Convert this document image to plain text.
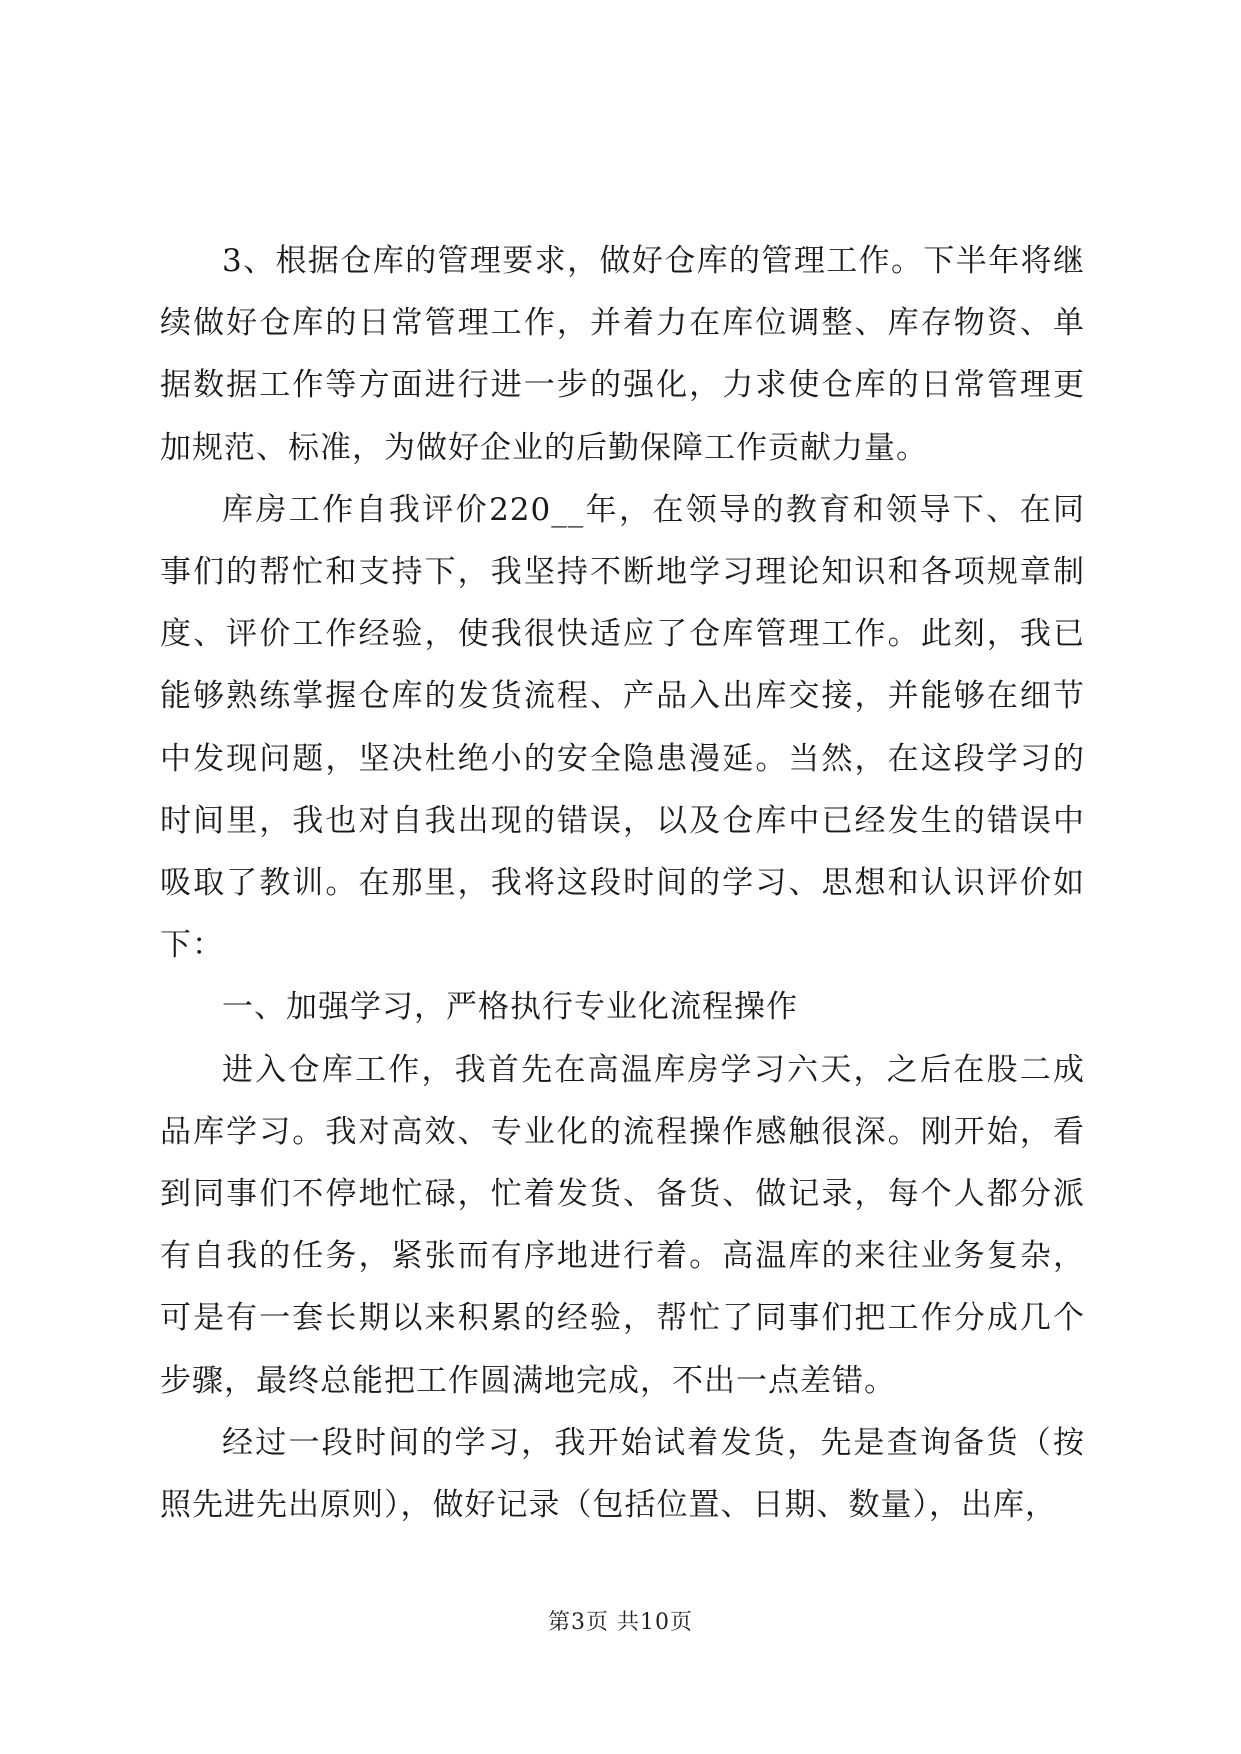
3、根据仓库的管理要求，做好仓库的管理工作。下半年将继续做好仓库的日常管理工作，并着力在库位调整、库存物资、单据数据工作等方面进行进一步的强化，力求使仓库的日常管理更加规范、标准，为做好企业的后勤保障工作贡献力量。

库房工作自我评价220__年，在领导的教育和领导下、在同事们的帮忙和支持下，我坚持不断地学习理论知识和各项规章制度、评价工作经验，使我很快适应了仓库管理工作。此刻，我已能够熟练掌握仓库的发货流程、产品入出库交接，并能够在细节中发现问题，坚决杜绝小的安全隐患漫延。当然，在这段学习的时间里，我也对自我出现的错误，以及仓库中已经发生的错误中吸取了教训。在那里，我将这段时间的学习、思想和认识评价如下：

一、加强学习，严格执行专业化流程操作

进入仓库工作，我首先在高温库房学习六天，之后在股二成品库学习。我对高效、专业化的流程操作感触很深。刚开始，看到同事们不停地忙碌，忙着发货、备货、做记录，每个人都分派有自我的任务，紧张而有序地进行着。高温库的来往业务复杂，可是有一套长期以来积累的经验，帮忙了同事们把工作分成几个步骤，最终总能把工作圆满地完成，不出一点差错。

经过一段时间的学习，我开始试着发货，先是查询备货（按照先进先出原则），做好记录（包括位置、日期、数量），出库，

第3页 共10页
